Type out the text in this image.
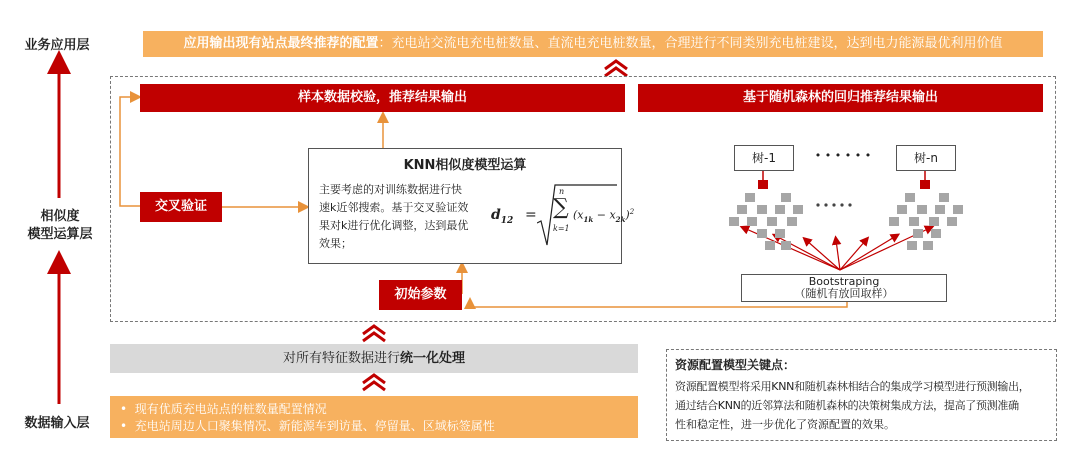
业务应用层
相似度
模型运算层
数据输入层
应用输出现有站点最终推荐的配置：充电站交流电充电桩数量、直流电充电桩数量，合理进行不同类别充电桩建设，达到电力能源最优利用价值
样本数据校验，推荐结果输出	基于随机森林的回归推荐结果输出
交叉验证
KNN相似度模型运算
主要考虑的对训练数据进行快
速k近邻搜索。基于交叉验证效
果对k进行优化调整，达到最优
效果；
$d_{12}$ =
n
∑
k=1
$(x_{1k} - x_{2k})^2$
初始参数
树-1	• • • • • •	树-n
Bootstraping
（随机有放回取样）
对所有特征数据进行统一化处理
• 现有优质充电站点的桩数量配置情况
• 充电站周边人口聚集情况、新能源车到访量、停留量、区域标签属性
资源配置模型关键点：
资源配置模型将采用KNN和随机森林相结合的集成学习模型进行预测输出，
通过结合KNN的近邻算法和随机森林的决策树集成方法，提高了预测准确
性和稳定性，进一步优化了资源配置的效果。
